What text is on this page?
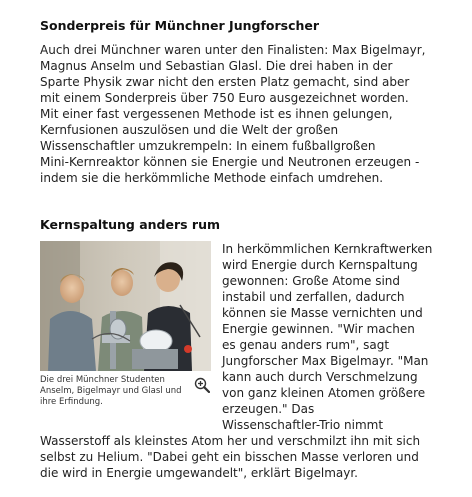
Sonderpreis für Münchner Jungforscher
Auch drei Münchner waren unter den Finalisten: Max Bigelmayr,
Magnus Anselm und Sebastian Glasl. Die drei haben in der
Sparte Physik zwar nicht den ersten Platz gemacht, sind aber
mit einem Sonderpreis über 750 Euro ausgezeichnet worden.
Mit einer fast vergessenen Methode ist es ihnen gelungen,
Kernfusionen auszulösen und die Welt der großen
Wissenschaftler umzukrempeln: In einem fußballgroßen
Mini-Kernreaktor können sie Energie und Neutronen erzeugen -
indem sie die herkömmliche Methode einfach umdrehen.
Kernspaltung anders rum
Die drei Münchner Studenten Anselm, Bigelmayr und Glasl und ihre Erfindung.
In herkömmlichen Kernkraftwerken
wird Energie durch Kernspaltung
gewonnen: Große Atome sind
instabil und zerfallen, dadurch
können sie Masse vernichten und
Energie gewinnen. "Wir machen
es genau anders rum", sagt
Jungforscher Max Bigelmayr. "Man
kann auch durch Verschmelzung
von ganz kleinen Atomen größere
erzeugen." Das
Wissenschaftler-Trio nimmt
Wasserstoff als kleinstes Atom her und verschmilzt ihn mit sich
selbst zu Helium. "Dabei geht ein bisschen Masse verloren und
die wird in Energie umgewandelt", erklärt Bigelmayr.
